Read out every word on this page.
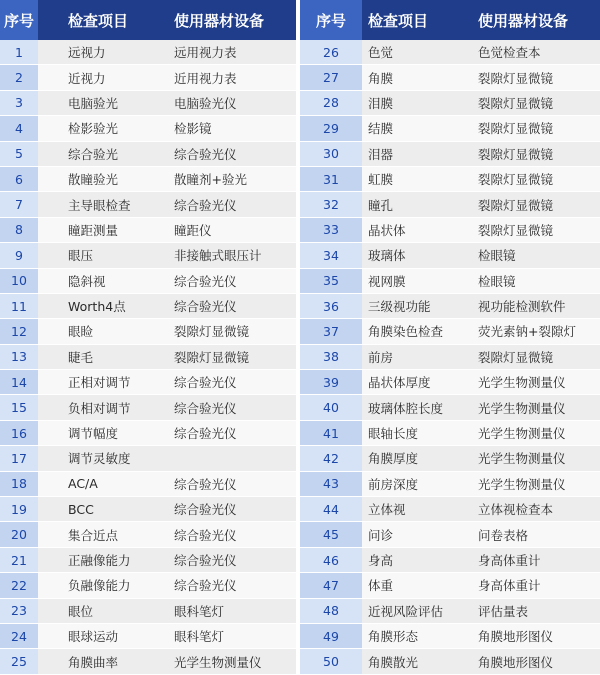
序号	检查项目	使用器材设备
1	远视力	远用视力表
2	近视力	近用视力表
3	电脑验光	电脑验光仪
4	检影验光	检影镜
5	综合验光	综合验光仪
6	散瞳验光	散瞳剂+验光
7	主导眼检查	综合验光仪
8	瞳距测量	瞳距仪
9	眼压	非接触式眼压计
10	隐斜视	综合验光仪
11	Worth4点	综合验光仪
12	眼睑	裂隙灯显微镜
13	睫毛	裂隙灯显微镜
14	正相对调节	综合验光仪
15	负相对调节	综合验光仪
16	调节幅度	综合验光仪
17	调节灵敏度	
18	AC/A	综合验光仪
19	BCC	综合验光仪
20	集合近点	综合验光仪
21	正融像能力	综合验光仪
22	负融像能力	综合验光仪
23	眼位	眼科笔灯
24	眼球运动	眼科笔灯
25	角膜曲率	光学生物测量仪
序号	检查项目	使用器材设备
26	色觉	色觉检查本
27	角膜	裂隙灯显微镜
28	泪膜	裂隙灯显微镜
29	结膜	裂隙灯显微镜
30	泪器	裂隙灯显微镜
31	虹膜	裂隙灯显微镜
32	瞳孔	裂隙灯显微镜
33	晶状体	裂隙灯显微镜
34	玻璃体	检眼镜
35	视网膜	检眼镜
36	三级视功能	视功能检测软件
37	角膜染色检查	荧光素钠+裂隙灯
38	前房	裂隙灯显微镜
39	晶状体厚度	光学生物测量仪
40	玻璃体腔长度	光学生物测量仪
41	眼轴长度	光学生物测量仪
42	角膜厚度	光学生物测量仪
43	前房深度	光学生物测量仪
44	立体视	立体视检查本
45	问诊	问卷表格
46	身高	身高体重计
47	体重	身高体重计
48	近视风险评估	评估量表
49	角膜形态	角膜地形图仪
50	角膜散光	角膜地形图仪
